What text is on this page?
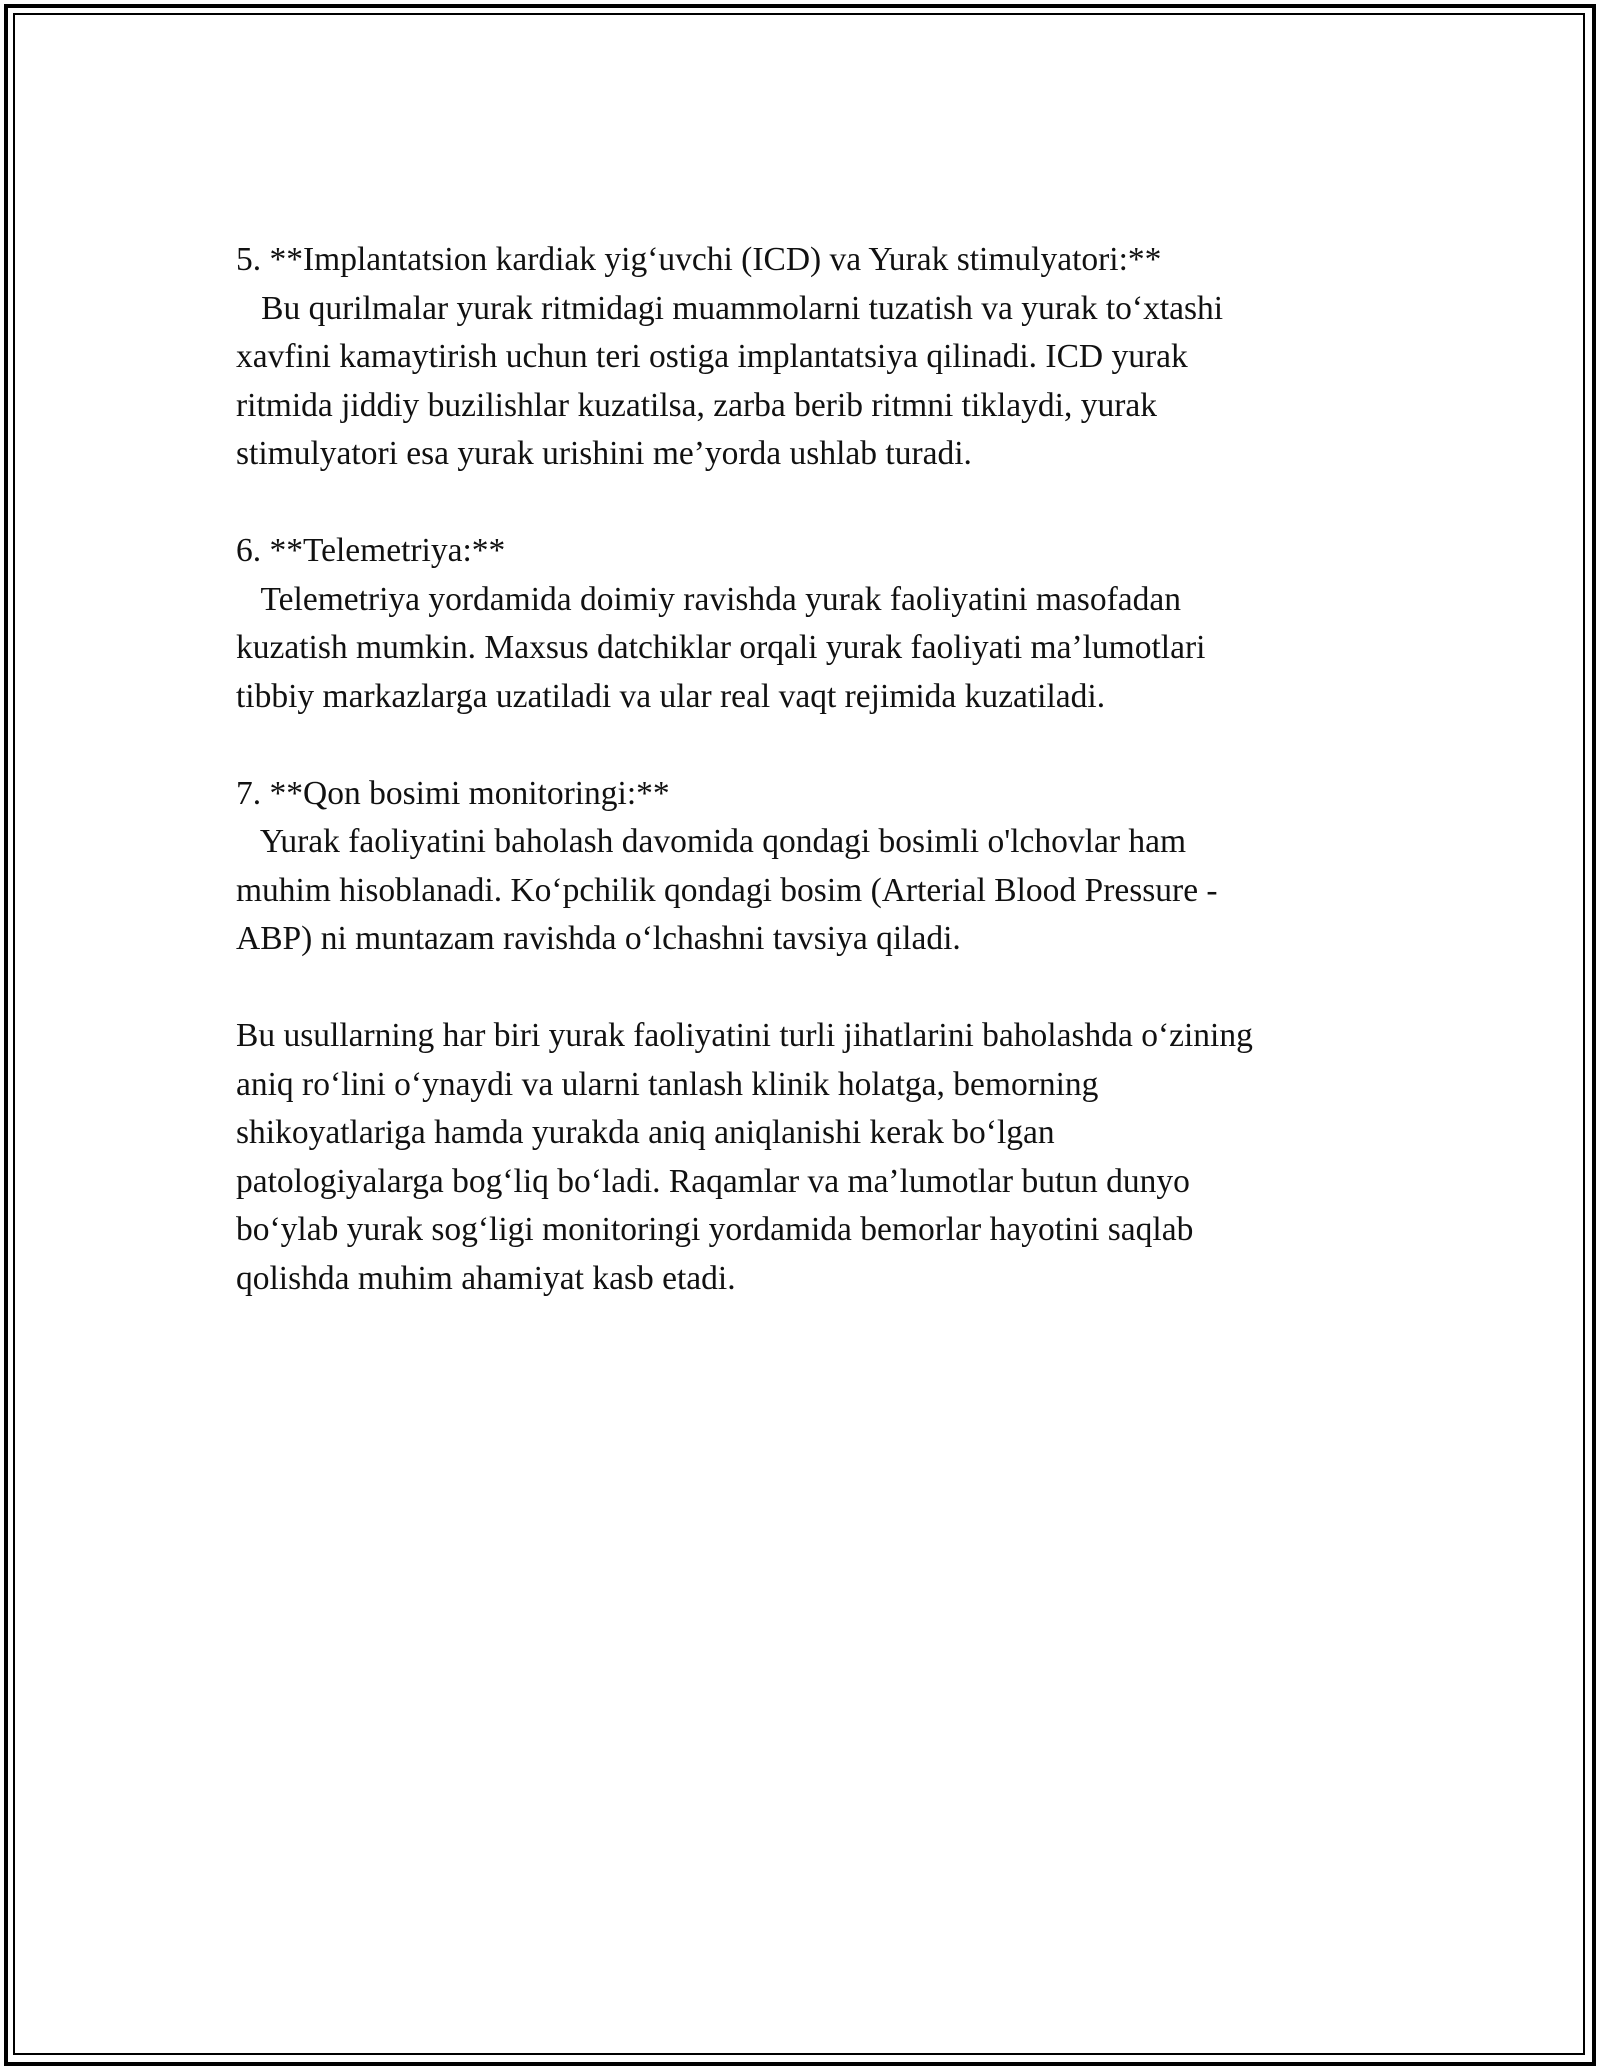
5. **Implantatsion kardiak yig‘uvchi (ICD) va Yurak stimulyatori:**
Bu qurilmalar yurak ritmidagi muammolarni tuzatish va yurak to‘xtashi
xavfini kamaytirish uchun teri ostiga implantatsiya qilinadi. ICD yurak
ritmida jiddiy buzilishlar kuzatilsa, zarba berib ritmni tiklaydi, yurak
stimulyatori esa yurak urishini me’yorda ushlab turadi.
6. **Telemetriya:**
Telemetriya yordamida doimiy ravishda yurak faoliyatini masofadan
kuzatish mumkin. Maxsus datchiklar orqali yurak faoliyati ma’lumotlari
tibbiy markazlarga uzatiladi va ular real vaqt rejimida kuzatiladi.
7. **Qon bosimi monitoringi:**
Yurak faoliyatini baholash davomida qondagi bosimli o'lchovlar ham
muhim hisoblanadi. Ko‘pchilik qondagi bosim (Arterial Blood Pressure -
ABP) ni muntazam ravishda o‘lchashni tavsiya qiladi.
Bu usullarning har biri yurak faoliyatini turli jihatlarini baholashda o‘zining
aniq ro‘lini o‘ynaydi va ularni tanlash klinik holatga, bemorning
shikoyatlariga hamda yurakda aniq aniqlanishi kerak bo‘lgan
patologiyalarga bog‘liq bo‘ladi. Raqamlar va ma’lumotlar butun dunyo
bo‘ylab yurak sog‘ligi monitoringi yordamida bemorlar hayotini saqlab
qolishda muhim ahamiyat kasb etadi.
